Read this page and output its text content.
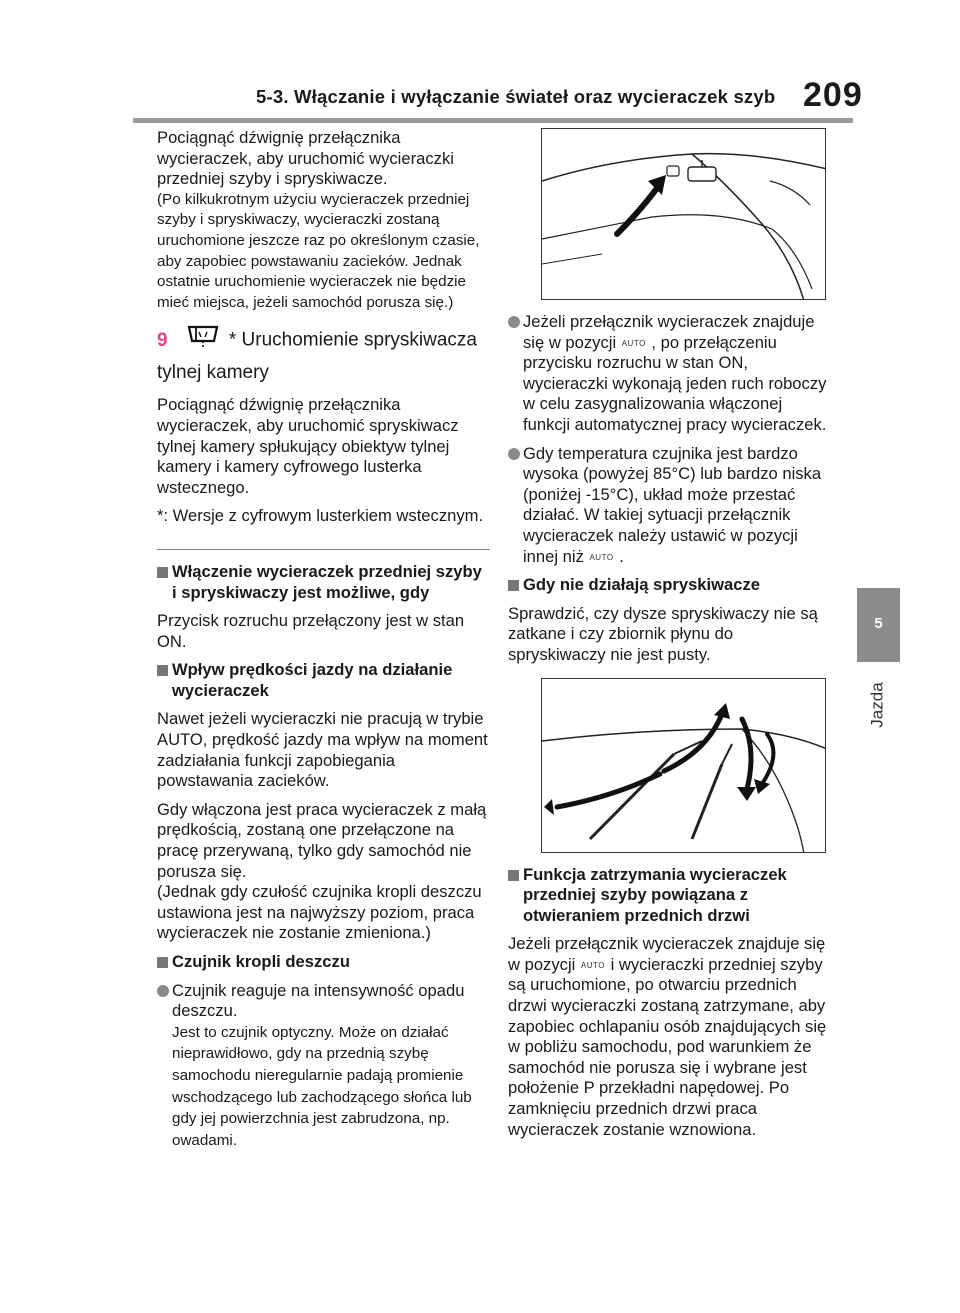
5-3. Włączanie i wyłączanie świateł oraz wycieraczek szyb 209
5
Jazda

Pociągnąć dźwignię przełącznika wycieraczek, aby uruchomić wycieraczki przedniej szyby i spryskiwacze.

(Po kilkukrotnym użyciu wycieraczek przedniej szyby i spryskiwaczy, wycieraczki zostaną uruchomione jeszcze raz po określonym czasie, aby zapobiec powstawaniu zacieków. Jednak ostatnie uruchomienie wycieraczek nie będzie mieć miejsca, jeżeli samochód porusza się.)

9	* Uruchomienie spryskiwacza tylnej kamery

Pociągnąć dźwignię przełącznika wycieraczek, aby uruchomić spryskiwacz tylnej kamery spłukujący obiektyw tylnej kamery i kamery cyfrowego lusterka wstecznego.

*: Wersje z cyfrowym lusterkiem wstecznym.

Włączenie wycieraczek przedniej szyby i spryskiwaczy jest możliwe, gdy

Przycisk rozruchu przełączony jest w stan ON.

Wpływ prędkości jazdy na działanie wycieraczek

Nawet jeżeli wycieraczki nie pracują w trybie AUTO, prędkość jazdy ma wpływ na moment zadziałania funkcji zapobiegania powstawania zacieków.

Gdy włączona jest praca wycieraczek z małą prędkością, zostaną one przełączone na pracę przerywaną, tylko gdy samochód nie porusza się.

(Jednak gdy czułość czujnika kropli deszczu ustawiona jest na najwyższy poziom, praca wycieraczek nie zostanie zmieniona.)

Czujnik kropli deszczu

Czujnik reaguje na intensywność opadu deszczu.
Jest to czujnik optyczny. Może on działać nieprawidłowo, gdy na przednią szybę samochodu nieregularnie padają promienie wschodzącego lub zachodzącego słońca lub gdy jej powierzchnia jest zabrudzona, np. owadami.

Jeżeli przełącznik wycieraczek znajduje się w pozycji AUTO , po przełączeniu przycisku rozruchu w stan ON, wycieraczki wykonają jeden ruch roboczy w celu zasygnalizowania włączonej funkcji automatycznej pracy wycieraczek.

Gdy temperatura czujnika jest bardzo wysoka (powyżej 85°C) lub bardzo niska (poniżej -15°C), układ może przestać działać. W takiej sytuacji przełącznik wycieraczek należy ustawić w pozycji innej niż AUTO .

Gdy nie działają spryskiwacze

Sprawdzić, czy dysze spryskiwaczy nie są zatkane i czy zbiornik płynu do spryskiwaczy nie jest pusty.

Funkcja zatrzymania wycieraczek przedniej szyby powiązana z otwieraniem przednich drzwi

Jeżeli przełącznik wycieraczek znajduje się w pozycji AUTO i wycieraczki przedniej szyby są uruchomione, po otwarciu przednich drzwi wycieraczki zostaną zatrzymane, aby zapobiec ochlapaniu osób znajdujących się w pobliżu samochodu, pod warunkiem że samochód nie porusza się i wybrane jest położenie P przekładni napędowej. Po zamknięciu przednich drzwi praca wycieraczek zostanie wznowiona.
